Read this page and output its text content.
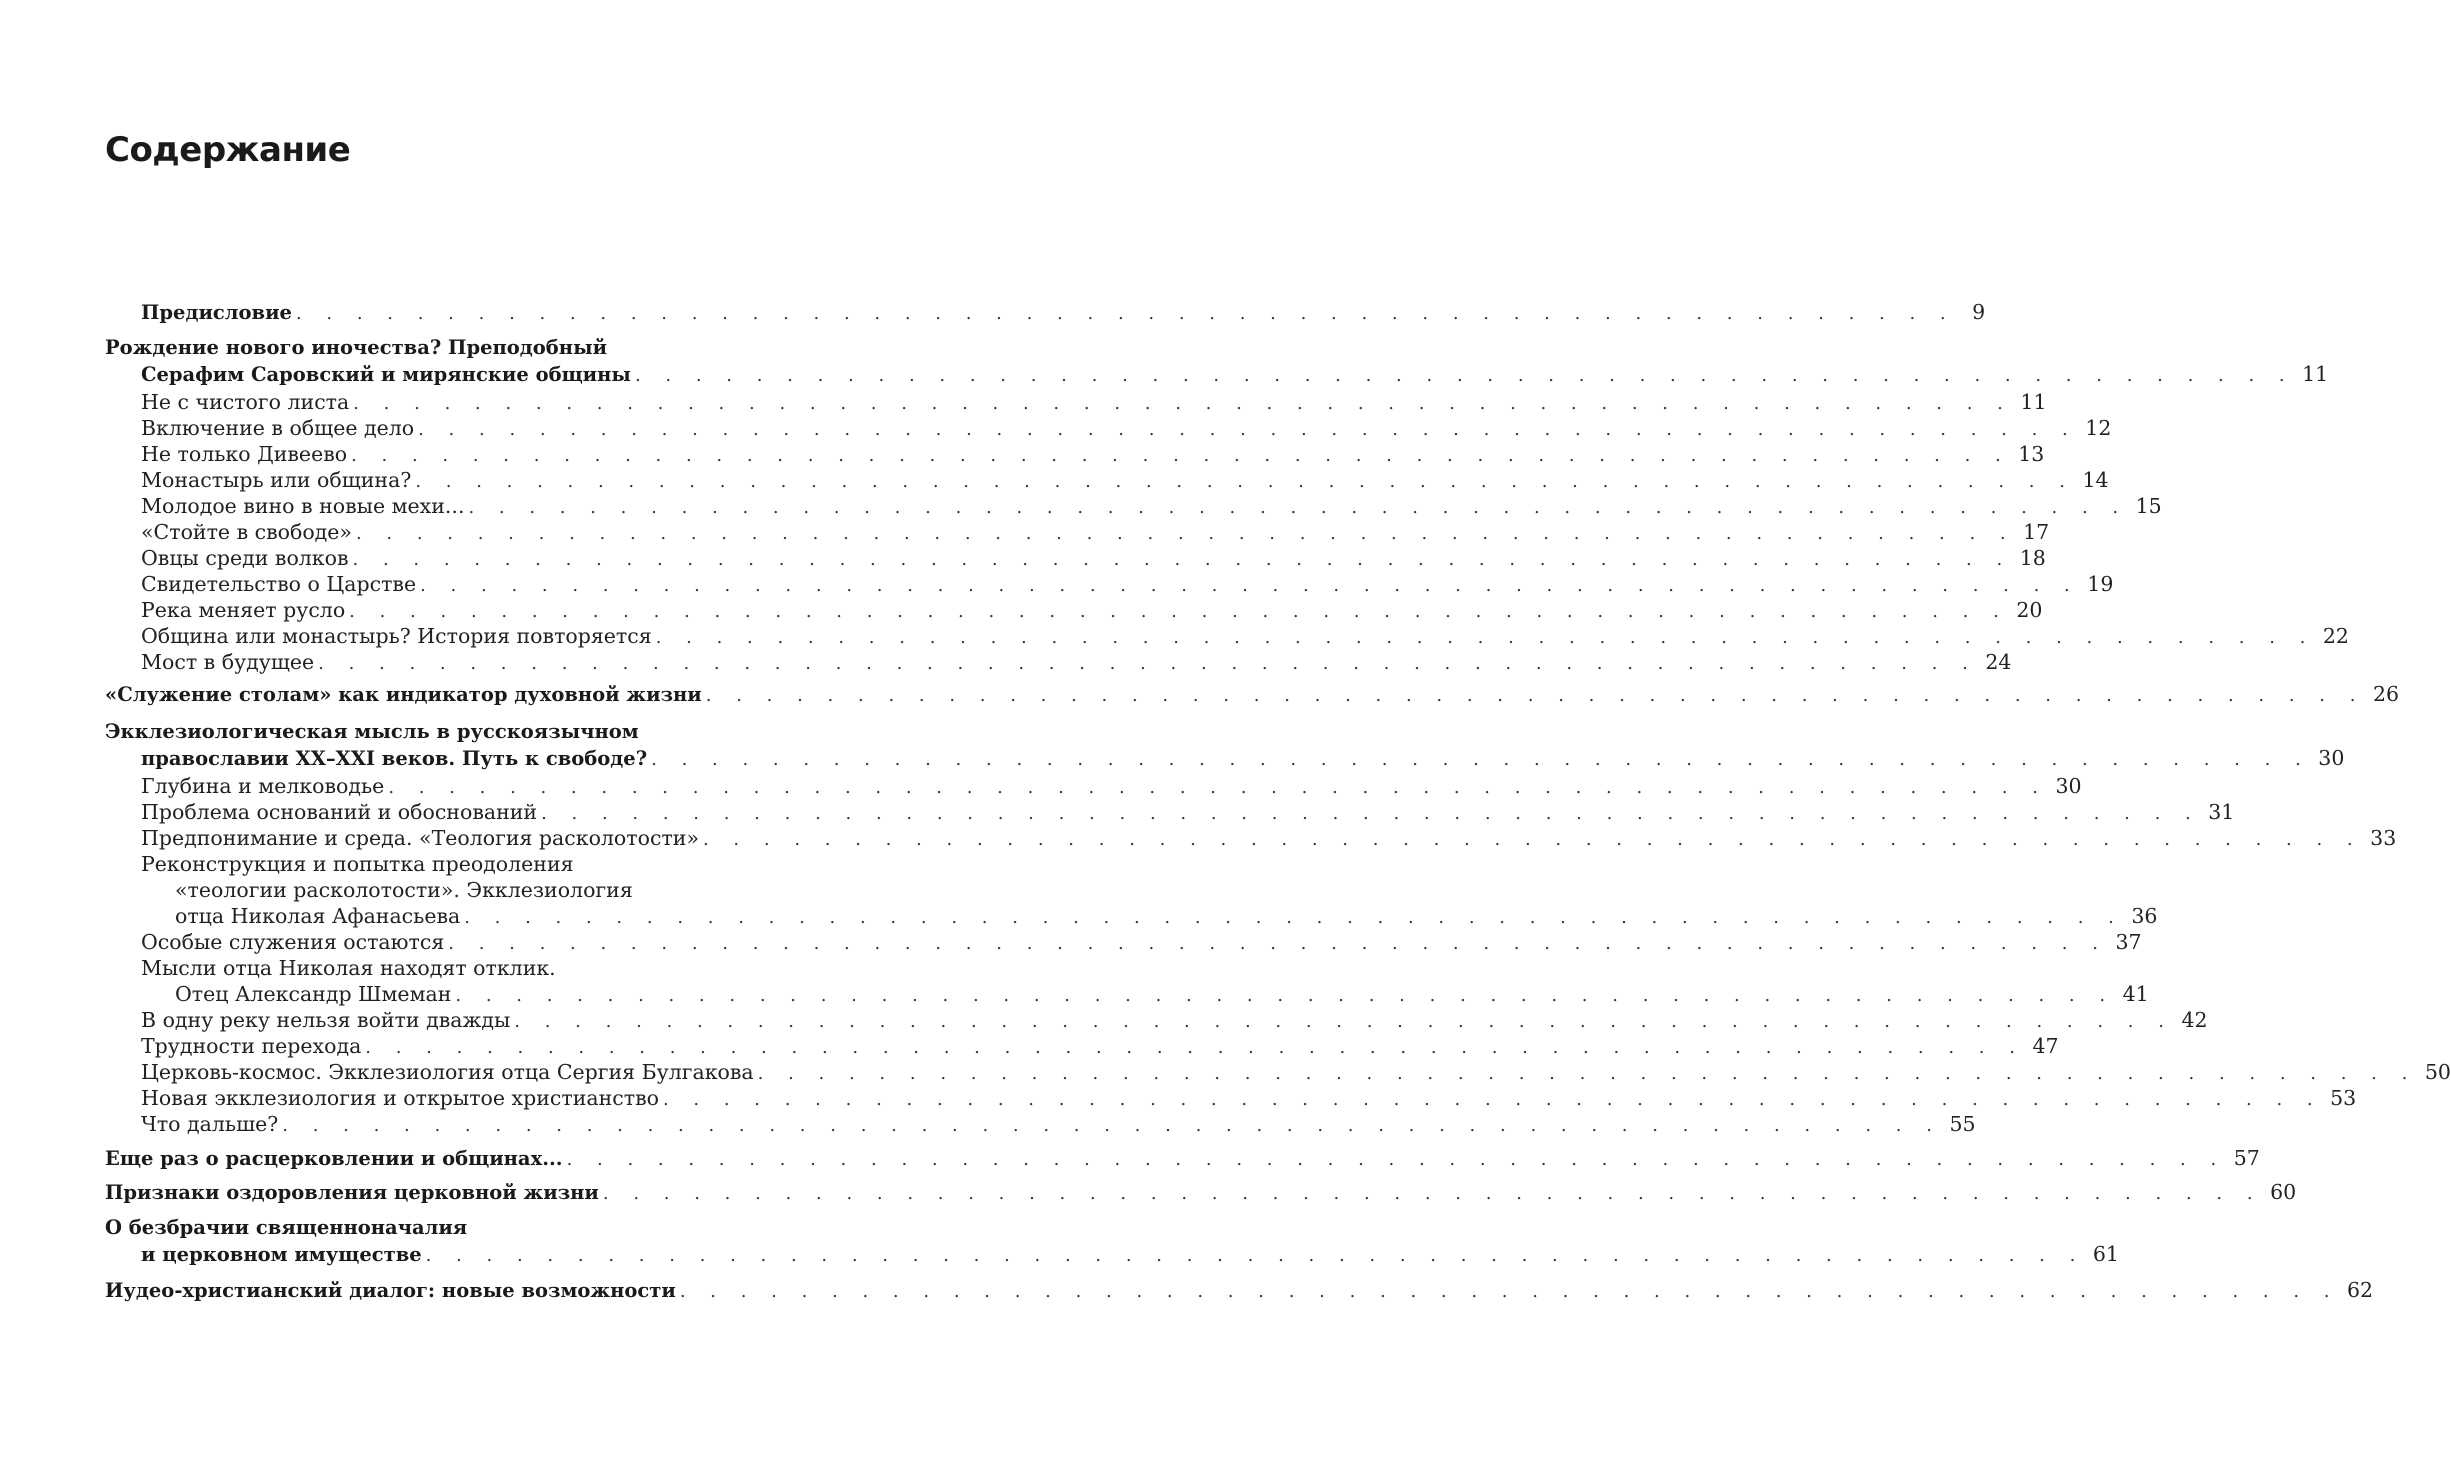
Содержание
Предисловие . . . . . . . . . . . . . . . . . . . . . . . . . . . . . . . . . . . . . . . . . . . . . . . . . . . . . . . 9
Рождение нового иночества? Преподобный
Серафим Саровский и мирянские общины . . . . . . . . . . . . . . . . . . . . . . . . . . . . . . . . . . . . . . . . . . . . . . . . . . . . . . . 11
Не с чистого листа . . . . . . . . . . . . . . . . . . . . . . . . . . . . . . . . . . . . . . . . . . . . . . . . . . . . . . . 11
Включение в общее дело . . . . . . . . . . . . . . . . . . . . . . . . . . . . . . . . . . . . . . . . . . . . . . . . . . . . . . . 12
Не только Дивеево . . . . . . . . . . . . . . . . . . . . . . . . . . . . . . . . . . . . . . . . . . . . . . . . . . . . . . . 13
Монастырь или община? . . . . . . . . . . . . . . . . . . . . . . . . . . . . . . . . . . . . . . . . . . . . . . . . . . . . . . . 14
Молодое вино в новые мехи... . . . . . . . . . . . . . . . . . . . . . . . . . . . . . . . . . . . . . . . . . . . . . . . . . . . . . . . 15
«Стойте в свободе» . . . . . . . . . . . . . . . . . . . . . . . . . . . . . . . . . . . . . . . . . . . . . . . . . . . . . . . 17
Овцы среди волков . . . . . . . . . . . . . . . . . . . . . . . . . . . . . . . . . . . . . . . . . . . . . . . . . . . . . . . 18
Свидетельство о Царстве . . . . . . . . . . . . . . . . . . . . . . . . . . . . . . . . . . . . . . . . . . . . . . . . . . . . . . . 19
Река меняет русло . . . . . . . . . . . . . . . . . . . . . . . . . . . . . . . . . . . . . . . . . . . . . . . . . . . . . . . 20
Община или монастырь? История повторяется . . . . . . . . . . . . . . . . . . . . . . . . . . . . . . . . . . . . . . . . . . . . . . . . . . . . . . . 22
Мост в будущее . . . . . . . . . . . . . . . . . . . . . . . . . . . . . . . . . . . . . . . . . . . . . . . . . . . . . . . 24
«Служение столам» как индикатор духовной жизни . . . . . . . . . . . . . . . . . . . . . . . . . . . . . . . . . . . . . . . . . . . . . . . . . . . . . . . 26
Экклезиологическая мысль в русскоязычном
православии XX–XXI веков. Путь к свободе? . . . . . . . . . . . . . . . . . . . . . . . . . . . . . . . . . . . . . . . . . . . . . . . . . . . . . . . 30
Глубина и мелководье . . . . . . . . . . . . . . . . . . . . . . . . . . . . . . . . . . . . . . . . . . . . . . . . . . . . . . . 30
Проблема оснований и обоснований . . . . . . . . . . . . . . . . . . . . . . . . . . . . . . . . . . . . . . . . . . . . . . . . . . . . . . . 31
Предпонимание и среда. «Теология расколотости» . . . . . . . . . . . . . . . . . . . . . . . . . . . . . . . . . . . . . . . . . . . . . . . . . . . . . . . 33
Реконструкция и попытка преодоления
«теологии расколотости». Экклезиология
отца Николая Афанасьева . . . . . . . . . . . . . . . . . . . . . . . . . . . . . . . . . . . . . . . . . . . . . . . . . . . . . . . 36
Особые служения остаются . . . . . . . . . . . . . . . . . . . . . . . . . . . . . . . . . . . . . . . . . . . . . . . . . . . . . . . 37
Мысли отца Николая находят отклик.
Отец Александр Шмеман . . . . . . . . . . . . . . . . . . . . . . . . . . . . . . . . . . . . . . . . . . . . . . . . . . . . . . . 41
В одну реку нельзя войти дважды . . . . . . . . . . . . . . . . . . . . . . . . . . . . . . . . . . . . . . . . . . . . . . . . . . . . . . . 42
Трудности перехода . . . . . . . . . . . . . . . . . . . . . . . . . . . . . . . . . . . . . . . . . . . . . . . . . . . . . . . 47
Церковь-космос. Экклезиология отца Сергия Булгакова . . . . . . . . . . . . . . . . . . . . . . . . . . . . . . . . . . . . . . . . . . . . . . . . . . . . . . . 50
Новая экклезиология и открытое христианство . . . . . . . . . . . . . . . . . . . . . . . . . . . . . . . . . . . . . . . . . . . . . . . . . . . . . . . 53
Что дальше? . . . . . . . . . . . . . . . . . . . . . . . . . . . . . . . . . . . . . . . . . . . . . . . . . . . . . . . 55
Еще раз о расцерковлении и общинах... . . . . . . . . . . . . . . . . . . . . . . . . . . . . . . . . . . . . . . . . . . . . . . . . . . . . . . . 57
Признаки оздоровления церковной жизни . . . . . . . . . . . . . . . . . . . . . . . . . . . . . . . . . . . . . . . . . . . . . . . . . . . . . . . 60
О безбрачии священноначалия
и церковном имуществе . . . . . . . . . . . . . . . . . . . . . . . . . . . . . . . . . . . . . . . . . . . . . . . . . . . . . . . 61
Иудео-христианский диалог: новые возможности . . . . . . . . . . . . . . . . . . . . . . . . . . . . . . . . . . . . . . . . . . . . . . . . . . . . . . . 62
